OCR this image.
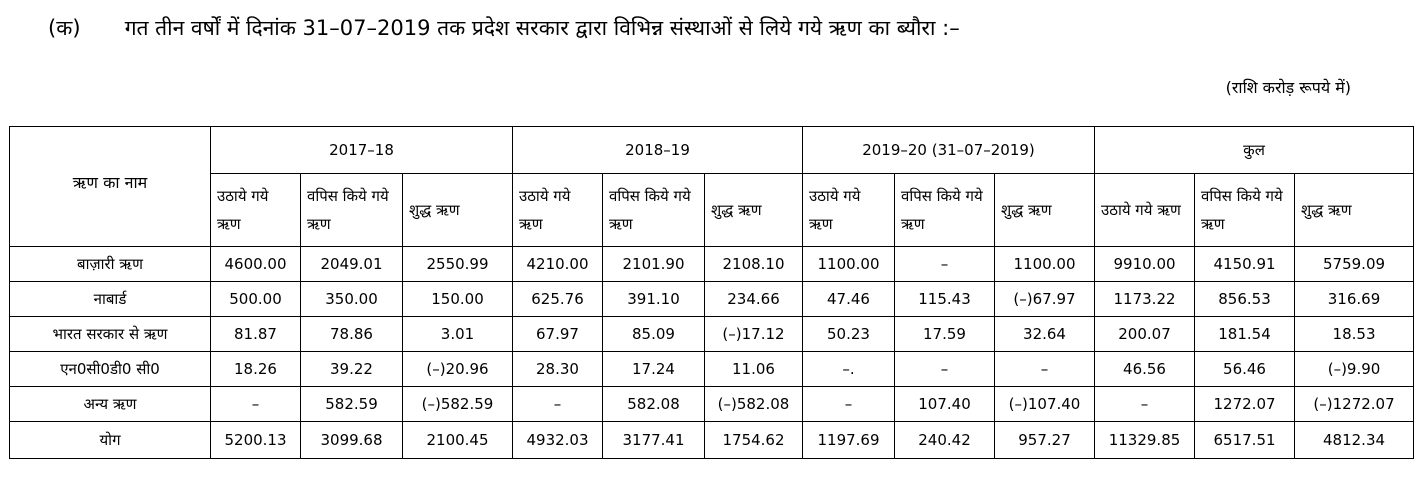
(क) गत तीन वर्षों में दिनांक 31–07–2019 तक प्रदेश सरकार द्वारा विभिन्न संस्थाओं से लिये गये ऋण का ब्यौरा :–
(राशि करोड़ रूपये में)
ऋण का नाम	2017–18			2018–19			2019–20 (31–07–2019)			कुल		
	उठाये गये ऋण	वपिस किये गये ऋण	शुद्ध ऋण	उठाये गये ऋण	वपिस किये गये ऋण	शुद्ध ऋण	उठाये गये ऋण	वपिस किये गये ऋण	शुद्ध ऋण	उठाये गये ऋण	वपिस किये गये ऋण	शुद्ध ऋण
बाज़ारी ऋण	4600.00	2049.01	2550.99	4210.00	2101.90	2108.10	1100.00	–	1100.00	9910.00	4150.91	5759.09
नाबार्ड	500.00	350.00	150.00	625.76	391.10	234.66	47.46	115.43	(–)67.97	1173.22	856.53	316.69
भारत सरकार से ऋण	81.87	78.86	3.01	67.97	85.09	(–)17.12	50.23	17.59	32.64	200.07	181.54	18.53
एन0सी0डी0 सी0	18.26	39.22	(–)20.96	28.30	17.24	11.06	–.	–	–	46.56	56.46	(–)9.90
अन्य ऋण	–	582.59	(–)582.59	–	582.08	(–)582.08	–	107.40	(–)107.40	–	1272.07	(–)1272.07
योग	5200.13	3099.68	2100.45	4932.03	3177.41	1754.62	1197.69	240.42	957.27	11329.85	6517.51	4812.34
